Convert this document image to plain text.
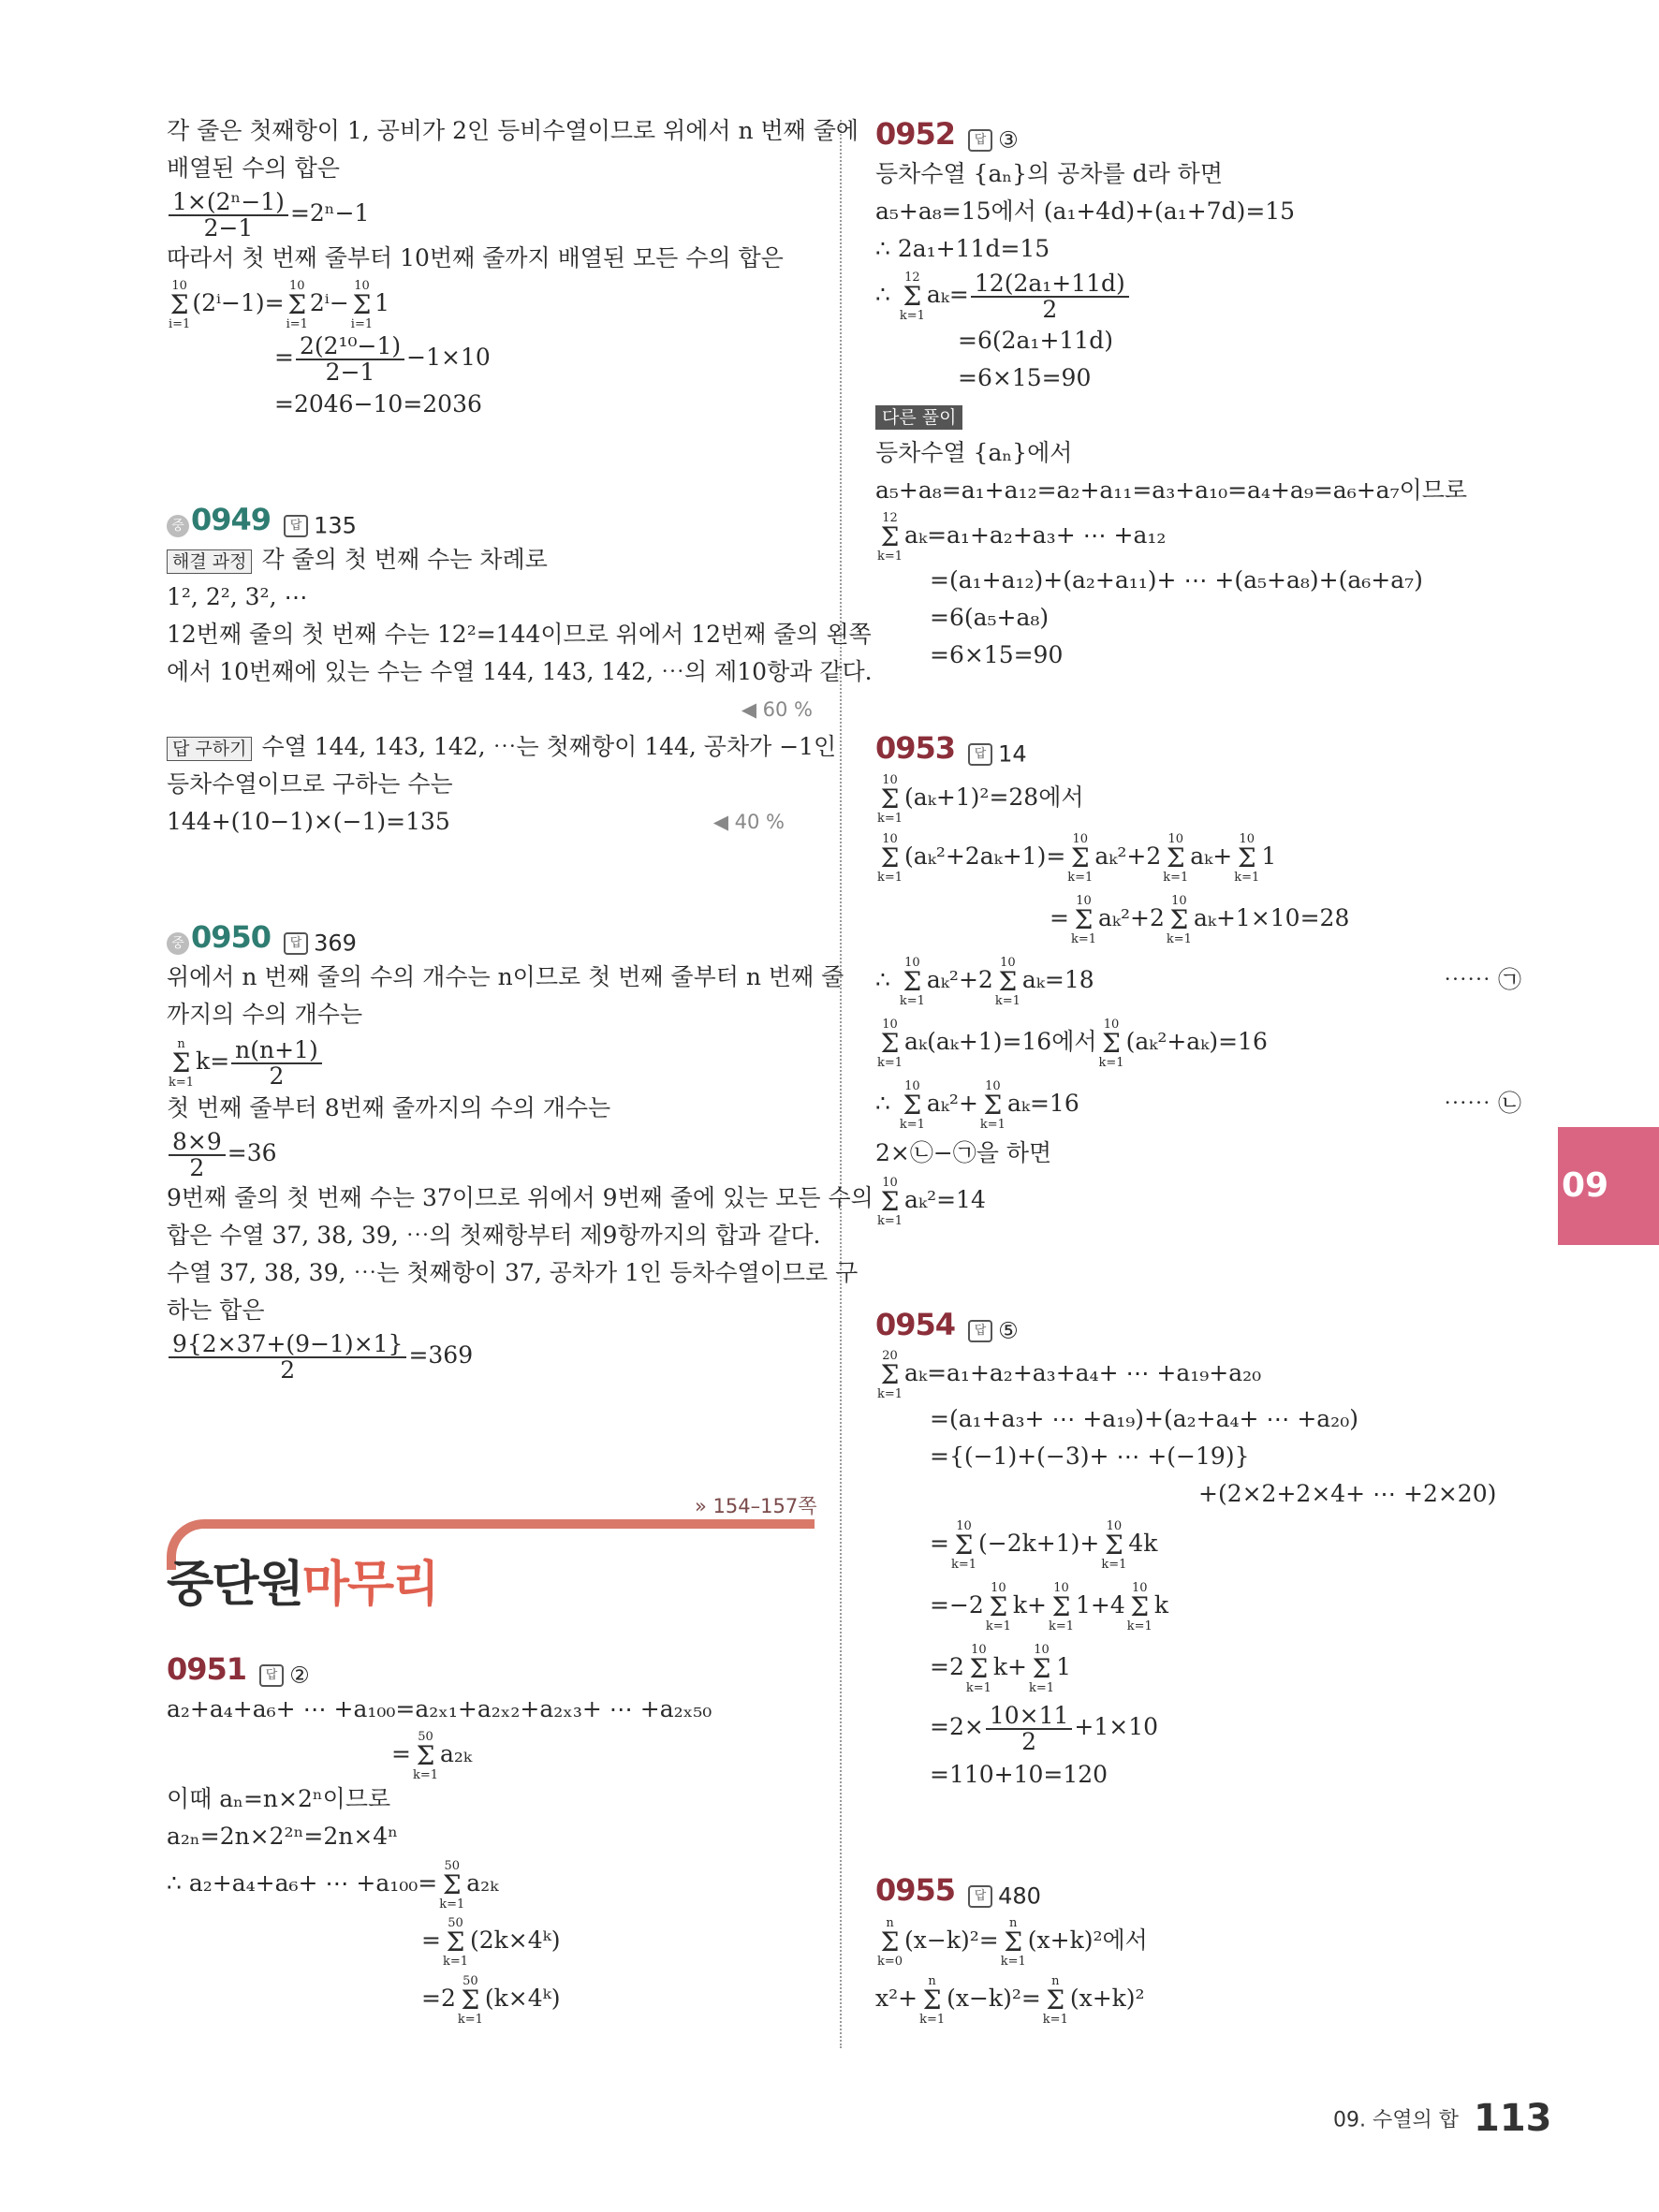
각 줄은 첫째항이 1, 공비가 2인 등비수열이므로 위에서 n 번째 줄에
배열된 수의 합은
$\frac{\text{1×(2ⁿ−1)}}{2-1} =2^n-1$
따라서 첫 번째 줄부터 10번째 줄까지 배열된 모든 수의 합은
10
Σ
i=1
(2ⁱ−1)=
10
Σ
i=1
2ⁱ−
10
Σ
i=1
1
= $\frac{\text{2(2¹⁰−1)}}{2-1} -1\times 10$
=2046−10=2036
중 0949 답 135
해결 과정 각 줄의 첫 번째 수는 차례로
1², 2², 3², ⋯
12번째 줄의 첫 번째 수는 12²=144이므로 위에서 12번째 줄의 왼쪽
에서 10번째에 있는 수는 수열 144, 143, 142, ⋯의 제10항과 같다.
◀ 60 %
답 구하기 수열 144, 143, 142, ⋯는 첫째항이 144, 공차가 −1인
등차수열이므로 구하는 수는
144+(10−1)×(−1)=135	◀ 40 %
중 0950 답 369
위에서 n 번째 줄의 수의 개수는 n이므로 첫 번째 줄부터 n 번째 줄
까지의 수의 개수는
n
Σ
k=1
$k= \frac{n(n+1)}{2}$
첫 번째 줄부터 8번째 줄까지의 수의 개수는
$\frac{8\times 9}{2} =36$
9번째 줄의 첫 번째 수는 37이므로 위에서 9번째 줄에 있는 모든 수의
합은 수열 37, 38, 39, ⋯의 첫째항부터 제9항까지의 합과 같다.
수열 37, 38, 39, ⋯는 첫째항이 37, 공차가 1인 등차수열이므로 구
하는 합은
$\frac{9\{2\times 37+(9-1)\times 1\}}{2} =369$
» 154–157쪽
중단원마무리
0951 답 ②
a₂+a₄+a₆+ ⋯ +a₁₀₀=a₂ₓ₁+a₂ₓ₂+a₂ₓ₃+ ⋯ +a₂ₓ₅₀
=
50
Σ
k=1
a₂ₖ
이때 aₙ=n×2ⁿ이므로
a₂ₙ=2n×2²ⁿ=2n×4ⁿ
∴ a₂+a₄+a₆+ ⋯ +a₁₀₀=
50
Σ
k=1
a₂ₖ
=
50
Σ
k=1
(2k×4ᵏ)
=2
50
Σ
k=1
(k×4ᵏ)
0952 답 ③
등차수열 {aₙ}의 공차를 d라 하면
a₅+a₈=15에서 (a₁+4d)+(a₁+7d)=15
∴ 2a₁+11d=15
∴
12
Σ
k=1
$a_k= \frac{\text{12(2a₁+11d)}}{2}$
=6(2a₁+11d)
=6×15=90
다른 풀이
등차수열 {aₙ}에서
a₅+a₈=a₁+a₁₂=a₂+a₁₁=a₃+a₁₀=a₄+a₉=a₆+a₇이므로
12
Σ
k=1
aₖ=a₁+a₂+a₃+ ⋯ +a₁₂
=(a₁+a₁₂)+(a₂+a₁₁)+ ⋯ +(a₅+a₈)+(a₆+a₇)
=6(a₅+a₈)
=6×15=90
0953 답 14
10
Σ
k=1
(aₖ+1)²=28에서
10
Σ
k=1
(aₖ²+2aₖ+1)=
10
Σ
k=1
aₖ²+2
10
Σ
k=1
aₖ+
10
Σ
k=1
1
=
10
Σ
k=1
aₖ²+2
10
Σ
k=1
aₖ+1×10=28
∴
10
Σ
k=1
aₖ²+2
10
Σ
k=1
aₖ=18	⋯⋯ ㉠
10
Σ
k=1
aₖ(aₖ+1)=16에서
10
Σ
k=1
(aₖ²+aₖ)=16
∴
10
Σ
k=1
aₖ²+
10
Σ
k=1
aₖ=16	⋯⋯ ㉡
2×㉡−㉠을 하면
10
Σ
k=1
aₖ²=14
0954 답 ⑤
20
Σ
k=1
aₖ=a₁+a₂+a₃+a₄+ ⋯ +a₁₉+a₂₀
=(a₁+a₃+ ⋯ +a₁₉)+(a₂+a₄+ ⋯ +a₂₀)
={(−1)+(−3)+ ⋯ +(−19)}
+(2×2+2×4+ ⋯ +2×20)
=
10
Σ
k=1
(−2k+1)+
10
Σ
k=1
4k
=−2
10
Σ
k=1
k+
10
Σ
k=1
1+4
10
Σ
k=1
k
=2
10
Σ
k=1
k+
10
Σ
k=1
1
$=2\times \frac{10\times 11}{2} +1\times 10$
=110+10=120
0955 답 480
n
Σ
k=0
(x−k)²=
n
Σ
k=1
(x+k)²에서
x²+
n
Σ
k=1
(x−k)²=
n
Σ
k=1
(x+k)²
09
09. 수열의 합 113
